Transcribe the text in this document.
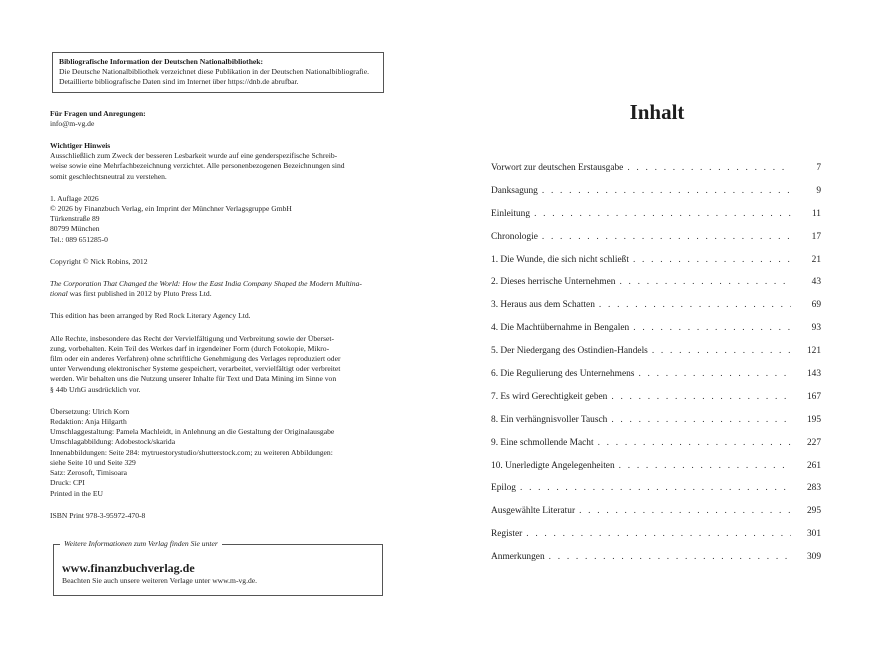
Bibliografische Information der Deutschen Nationalbibliothek:

Die Deutsche Nationalbibliothek verzeichnet diese Publikation in der Deutschen Nationalbibliografie.

Detaillierte bibliografische Daten sind im Internet über https://dnb.de abrufbar.

Für Fragen und Anregungen:

info@m-vg.de

Wichtiger Hinweis

Ausschließlich zum Zweck der besseren Lesbarkeit wurde auf eine genderspezifische Schreib-

weise sowie eine Mehrfachbezeichnung verzichtet. Alle personenbezogenen Bezeichnungen sind

somit geschlechtsneutral zu verstehen.

1. Auflage 2026

© 2026 by Finanzbuch Verlag, ein Imprint der Münchner Verlagsgruppe GmbH

Türkenstraße 89

80799 München

Tel.: 089 651285-0

Copyright © Nick Robins, 2012

The Corporation That Changed the World: How the East India Company Shaped the Modern Multina-

tional was first published in 2012 by Pluto Press Ltd.

This edition has been arranged by Red Rock Literary Agency Ltd.

Alle Rechte, insbesondere das Recht der Vervielfältigung und Verbreitung sowie der Überset-

zung, vorbehalten. Kein Teil des Werkes darf in irgendeiner Form (durch Fotokopie, Mikro-

film oder ein anderes Verfahren) ohne schriftliche Genehmigung des Verlages reproduziert oder

unter Verwendung elektronischer Systeme gespeichert, verarbeitet, vervielfältigt oder verbreitet

werden. Wir behalten uns die Nutzung unserer Inhalte für Text und Data Mining im Sinne von

§ 44b UrhG ausdrücklich vor.

Übersetzung: Ulrich Korn

Redaktion: Anja Hilgarth

Umschlaggestaltung: Pamela Machleidt, in Anlehnung an die Gestaltung der Originalausgabe

Umschlagabbildung: Adobestock/skarida

Innenabbildungen: Seite 284: mytruestorystudio/shutterstock.com; zu weiteren Abbildungen:

siehe Seite 10 und Seite 329

Satz: Zerosoft, Timisoara

Druck: CPI

Printed in the EU

ISBN Print 978-3-95972-470-8

Weitere Informationen zum Verlag finden Sie unter
www.finanzbuchverlag.de
Beachten Sie auch unsere weiteren Verlage unter www.m-vg.de.
Inhalt
Vorwort zur deutschen Erstausgabe . . .	7
Danksagung . . .	9
Einleitung . . .	11
Chronologie . . .	17
1. Die Wunde, die sich nicht schließt . . .	21
2. Dieses herrische Unternehmen . . .	43
3. Heraus aus dem Schatten . . .	69
4. Die Machtübernahme in Bengalen . . .	93
5. Der Niedergang des Ostindien-Handels . . .	121
6. Die Regulierung des Unternehmens . . .	143
7. Es wird Gerechtigkeit geben . . .	167
8. Ein verhängnisvoller Tausch . . .	195
9. Eine schmollende Macht . . .	227
10. Unerledigte Angelegenheiten . . .	261
Epilog . . .	283
Ausgewählte Literatur . . .	295
Register . . .	301
Anmerkungen . . .	309
